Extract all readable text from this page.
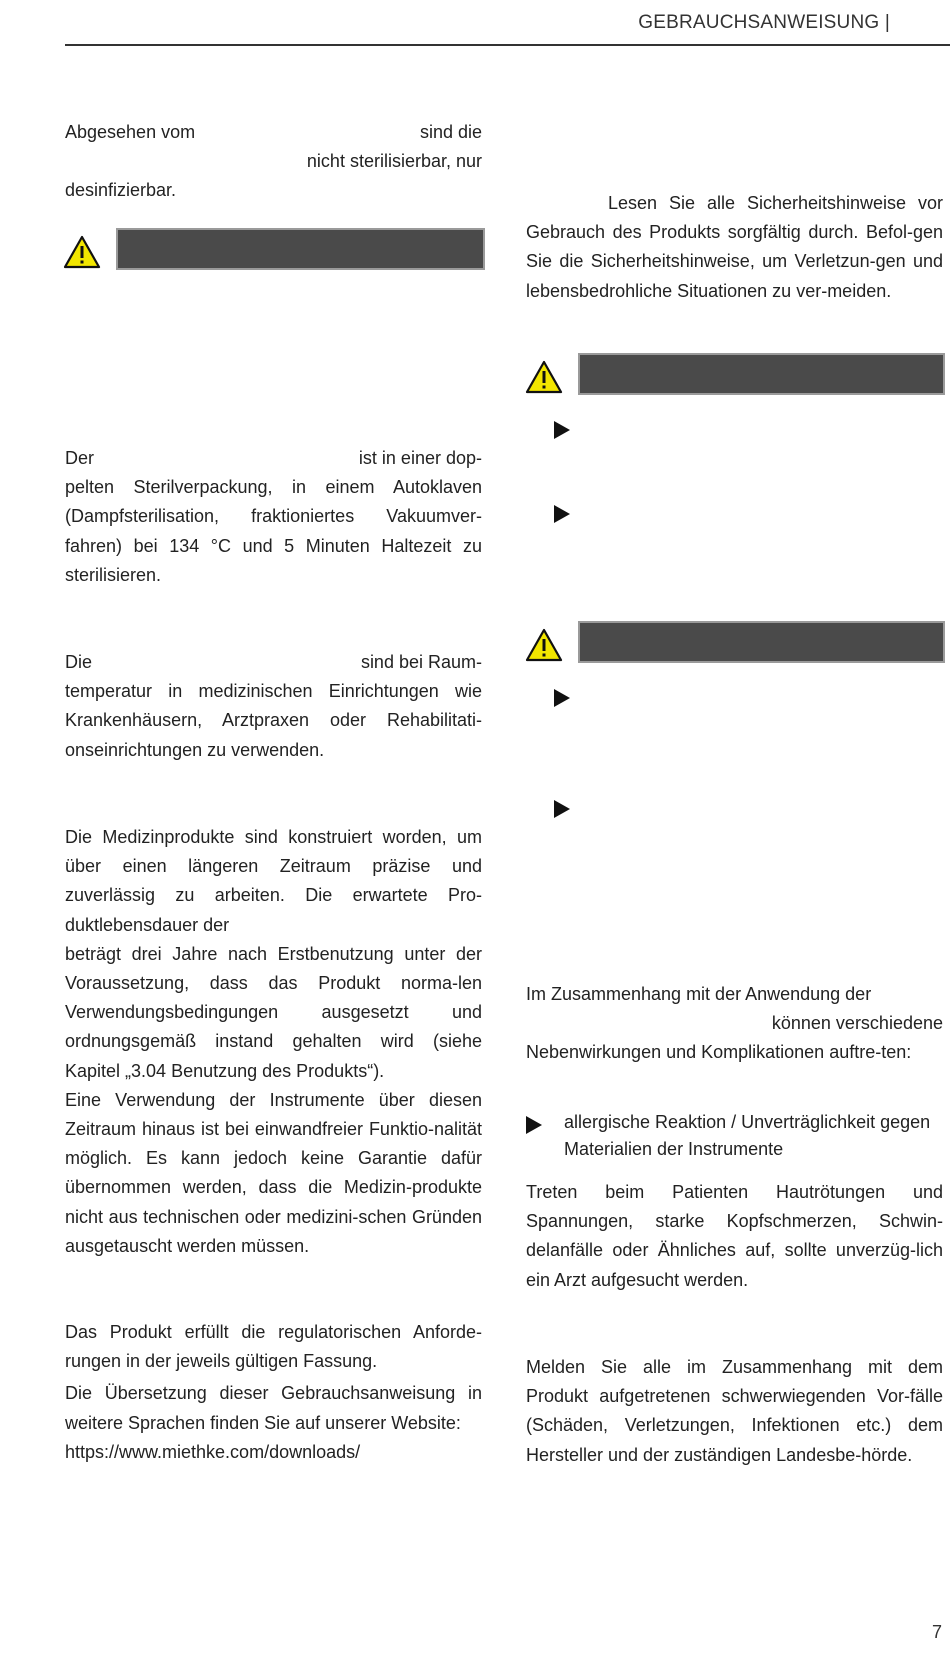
GEBRAUCHSANWEISUNG |
Abgesehen vom	sind die
nicht sterilisierbar, nur
desinfizierbar.
Der	ist in einer dop-
pelten Sterilverpackung, in einem Autoklaven (Dampfsterilisation, fraktioniertes Vakuumver-fahren) bei 134 °C und 5 Minuten Haltezeit zu sterilisieren.
Die	sind bei Raum-
temperatur in medizinischen Einrichtungen wie Krankenhäusern, Arztpraxen oder Rehabilitati-onseinrichtungen zu verwenden.
Die Medizinprodukte sind konstruiert worden, um über einen längeren Zeitraum präzise und zuverlässig zu arbeiten. Die erwartete Pro-duktlebensdauer der
beträgt drei Jahre nach Erstbenutzung unter der Voraussetzung, dass das Produkt norma-len Verwendungsbedingungen ausgesetzt und ordnungsgemäß instand gehalten wird (siehe Kapitel „3.04 Benutzung des Produkts“).
Eine Verwendung der Instrumente über diesen Zeitraum hinaus ist bei einwandfreier Funktio-nalität möglich. Es kann jedoch keine Garantie dafür übernommen werden, dass die Medizin-produkte nicht aus technischen oder medizini-schen Gründen ausgetauscht werden müssen.
Das Produkt erfüllt die regulatorischen Anforde-rungen in der jeweils gültigen Fassung.
Die Übersetzung dieser Gebrauchsanweisung in weitere Sprachen finden Sie auf unserer Website:
https://www.miethke.com/downloads/
Lesen Sie alle Sicherheitshinweise vor Gebrauch des Produkts sorgfältig durch. Befol-gen Sie die Sicherheitshinweise, um Verletzun-gen und lebensbedrohliche Situationen zu ver-meiden.
Im Zusammenhang mit der Anwendung der
können verschiedene
Nebenwirkungen und Komplikationen auftre-ten:
allergische Reaktion / Unverträglichkeit gegen Materialien der Instrumente
Treten beim Patienten Hautrötungen und Spannungen, starke Kopfschmerzen, Schwin-delanfälle oder Ähnliches auf, sollte unverzüg-lich ein Arzt aufgesucht werden.
Melden Sie alle im Zusammenhang mit dem Produkt aufgetretenen schwerwiegenden Vor-fälle (Schäden, Verletzungen, Infektionen etc.) dem Hersteller und der zuständigen Landesbe-hörde.
7
